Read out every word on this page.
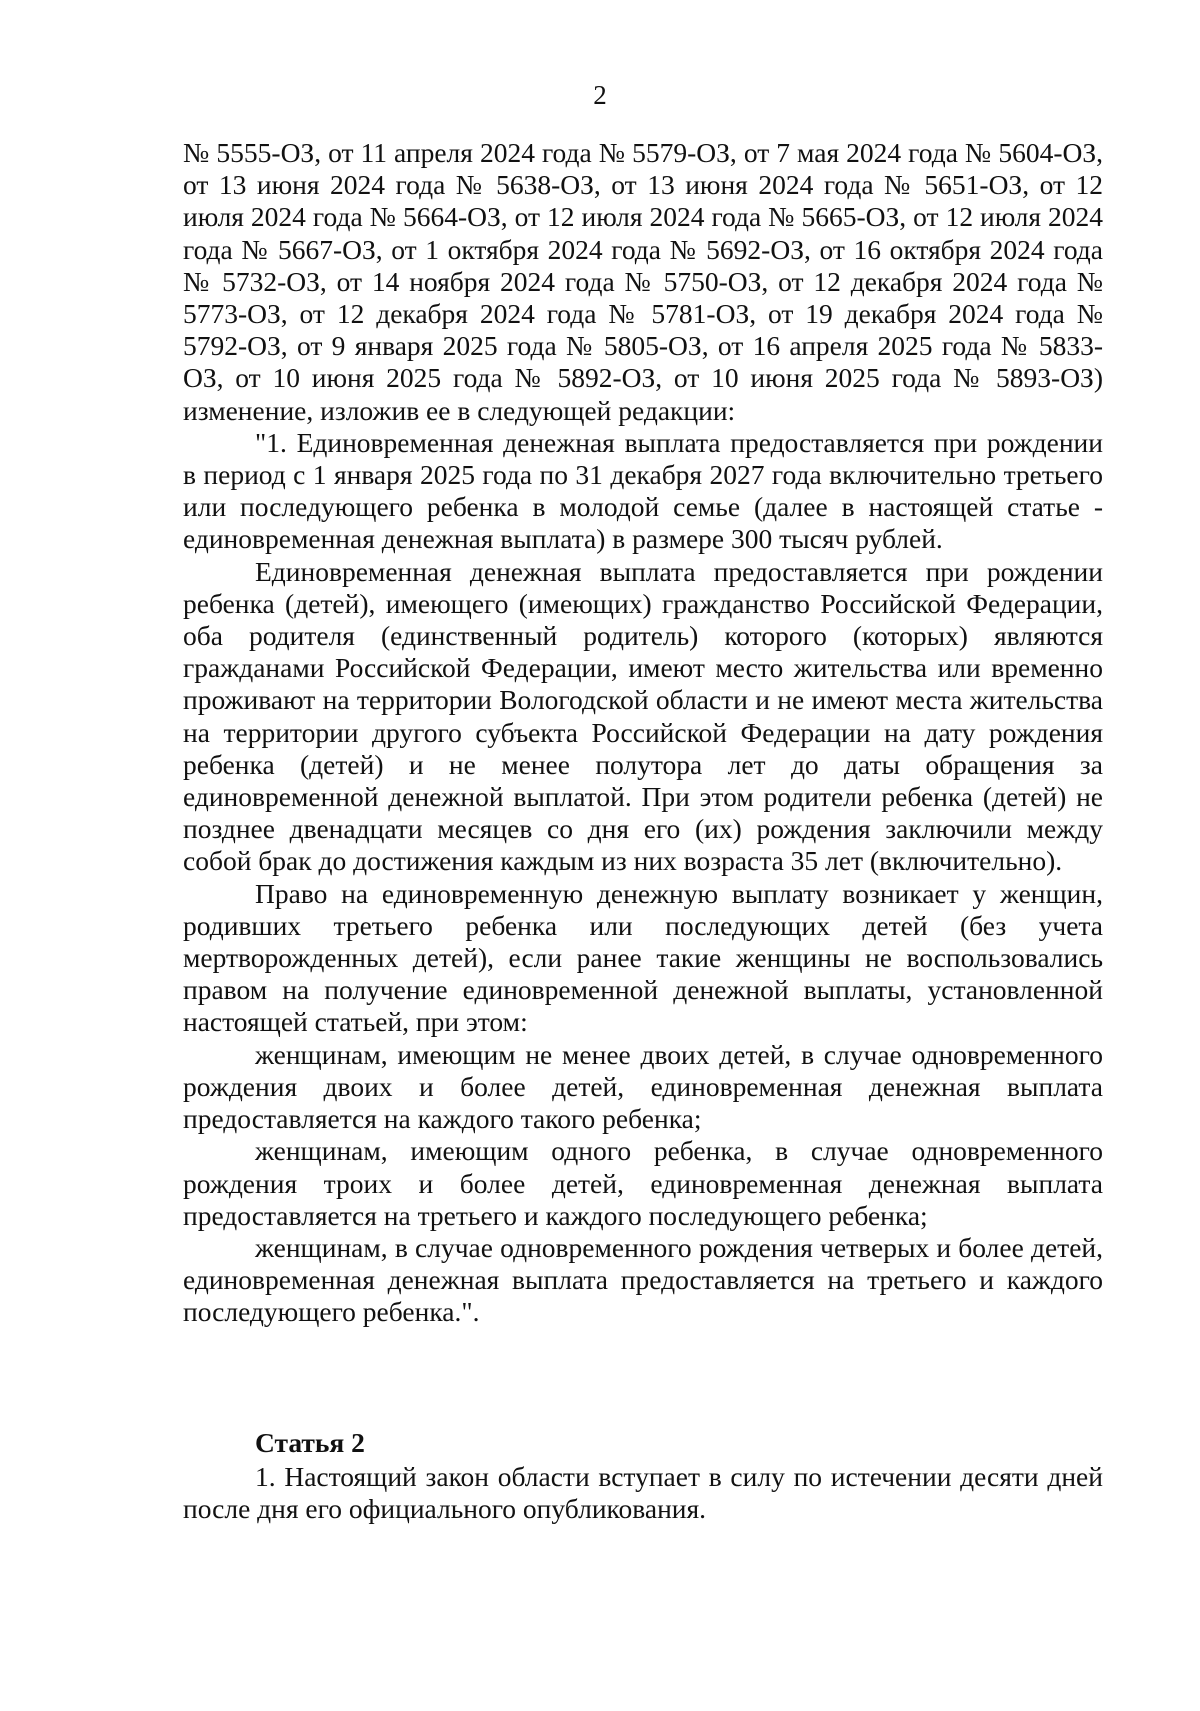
2

№ 5555-ОЗ, от 11 апреля 2024 года № 5579-ОЗ, от 7 мая 2024 года № 5604-ОЗ, от 13 июня 2024 года № 5638-ОЗ, от 13 июня 2024 года № 5651-ОЗ, от 12 июля 2024 года № 5664-ОЗ, от 12 июля 2024 года № 5665-ОЗ, от 12 июля 2024 года № 5667-ОЗ, от 1 октября 2024 года № 5692-ОЗ, от 16 октября 2024 года № 5732-ОЗ, от 14 ноября 2024 года № 5750-ОЗ, от 12 декабря 2024 года № 5773-ОЗ, от 12 декабря 2024 года № 5781-ОЗ, от 19 декабря 2024 года № 5792-ОЗ, от 9 января 2025 года № 5805-ОЗ, от 16 апреля 2025 года № 5833-ОЗ, от 10 июня 2025 года № 5892-ОЗ, от 10 июня 2025 года № 5893-ОЗ) изменение, изложив ее в следующей редакции:

"1. Единовременная денежная выплата предоставляется при рождении в период с 1 января 2025 года по 31 декабря 2027 года включительно третьего или последующего ребенка в молодой семье (далее в настоящей статье - единовременная денежная выплата) в размере 300 тысяч рублей.

Единовременная денежная выплата предоставляется при рождении ребенка (детей), имеющего (имеющих) гражданство Российской Федерации, оба родителя (единственный родитель) которого (которых) являются гражданами Российской Федерации, имеют место жительства или временно проживают на территории Вологодской области и не имеют места жительства на территории другого субъекта Российской Федерации на дату рождения ребенка (детей) и не менее полутора лет до даты обращения за единовременной денежной выплатой. При этом родители ребенка (детей) не позднее двенадцати месяцев со дня его (их) рождения заключили между собой брак до достижения каждым из них возраста 35 лет (включительно).

Право на единовременную денежную выплату возникает у женщин, родивших третьего ребенка или последующих детей (без учета мертворожденных детей), если ранее такие женщины не воспользовались правом на получение единовременной денежной выплаты, установленной настоящей статьей, при этом:

женщинам, имеющим не менее двоих детей, в случае одновременного рождения двоих и более детей, единовременная денежная выплата предоставляется на каждого такого ребенка;

женщинам, имеющим одного ребенка, в случае одновременного рождения троих и более детей, единовременная денежная выплата предоставляется на третьего и каждого последующего ребенка;

женщинам, в случае одновременного рождения четверых и более детей, единовременная денежная выплата предоставляется на третьего и каждого последующего ребенка.".

Статья 2

1. Настоящий закон области вступает в силу по истечении десяти дней после дня его официального опубликования.
